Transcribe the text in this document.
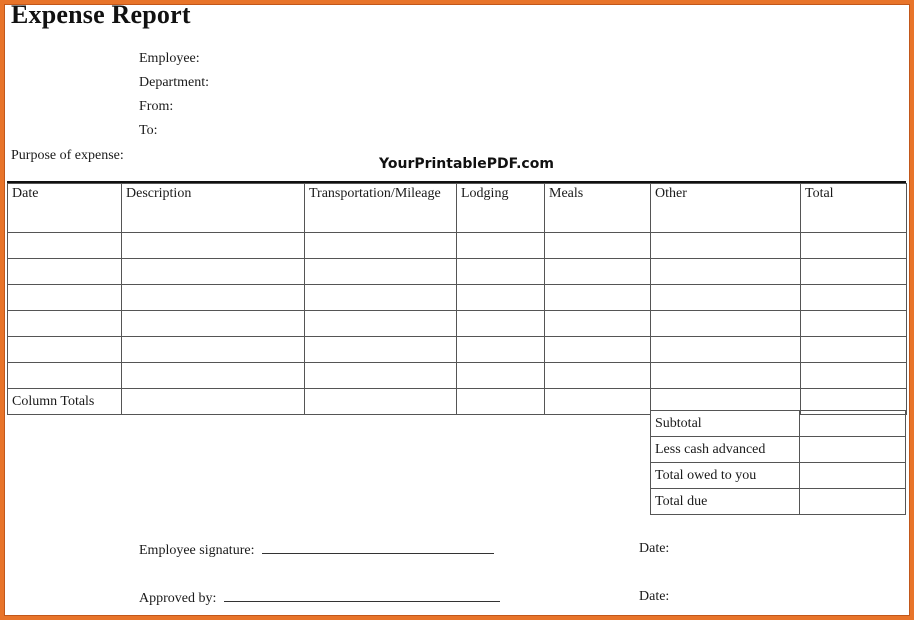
Expense Report
Employee:
Department:
From:
To:
Purpose of expense:
YourPrintablePDF.com
Date	Description	Transportation/Mileage	Lodging	Meals	Other	Total

Column Totals						
Subtotal	
Less cash advanced	
Total owed to you	
Total due	
Employee signature:	Date:
Approved by:	Date:
